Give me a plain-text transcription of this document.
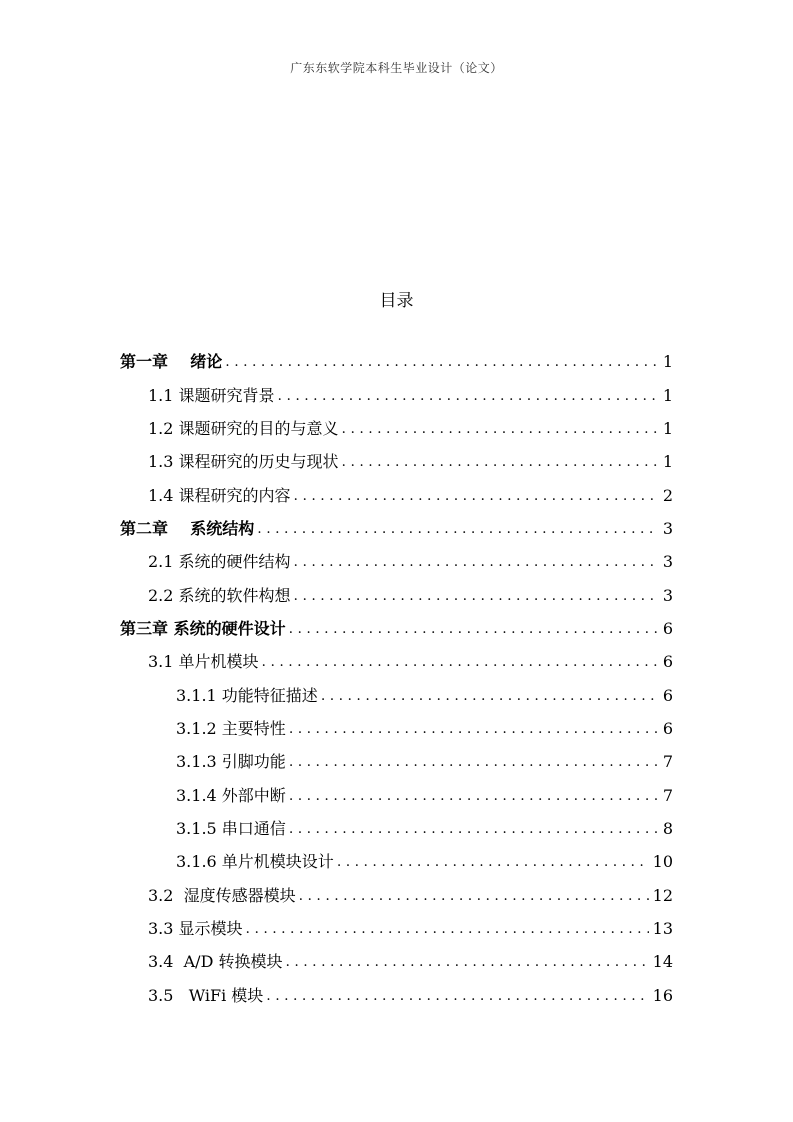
广东东软学院本科生毕业设计（论文）
目录
第一章    绪论 . . .	1
1.1 课题研究背景 . . .	1
1.2 课题研究的目的与意义 . . .	1
1.3 课程研究的历史与现状 . . .	1
1.4 课程研究的内容 . . .	2
第二章    系统结构 . . .	3
2.1 系统的硬件结构 . . .	3
2.2 系统的软件构想 . . .	3
第三章 系统的硬件设计 . . .	6
3.1 单片机模块 . . .	6
3.1.1 功能特征描述 . . .	6
3.1.2 主要特性 . . .	6
3.1.3 引脚功能 . . .	7
3.1.4 外部中断 . . .	7
3.1.5 串口通信 . . .	8
3.1.6 单片机模块设计 . . .	10
3.2  湿度传感器模块 . . .	12
3.3 显示模块 . . .	13
3.4  A/D 转换模块 . . .	14
3.5   WiFi 模块 . . .	16
